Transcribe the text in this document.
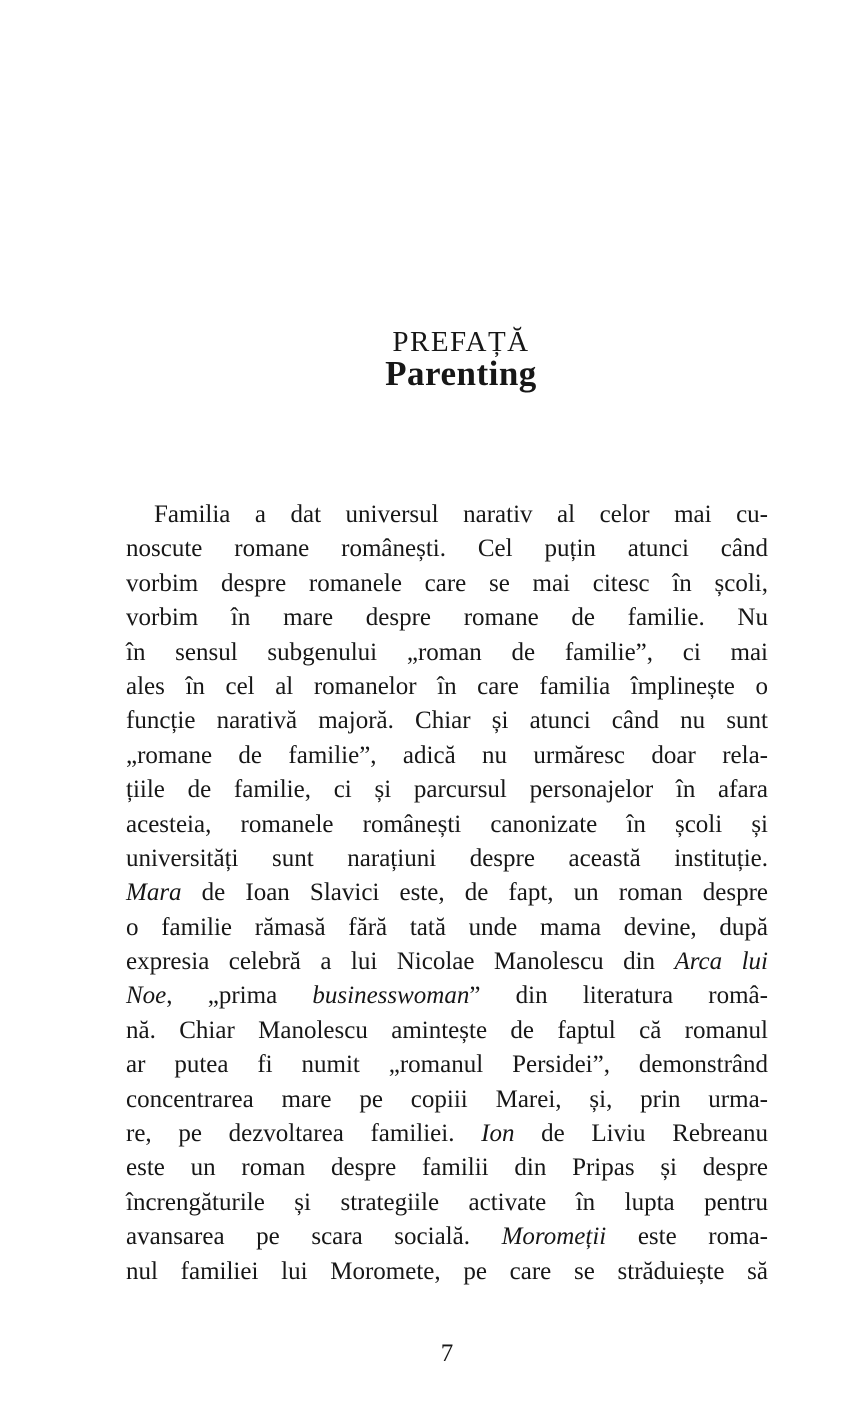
PREFAȚĂ
Parenting
Familia a dat universul narativ al celor mai cu-
noscute romane românești. Cel puțin atunci când
vorbim despre romanele care se mai citesc în școli,
vorbim în mare despre romane de familie. Nu
în sensul subgenului „roman de familie”, ci mai
ales în cel al romanelor în care familia împlinește o
funcție narativă majoră. Chiar și atunci când nu sunt
„romane de familie”, adică nu urmăresc doar rela-
țiile de familie, ci și parcursul personajelor în afara
acesteia, romanele românești canonizate în școli și
universități sunt narațiuni despre această instituție.
Mara de Ioan Slavici este, de fapt, un roman despre
o familie rămasă fără tată unde mama devine, după
expresia celebră a lui Nicolae Manolescu din Arca lui
Noe, „prima businesswoman” din literatura româ-
nă. Chiar Manolescu amintește de faptul că romanul
ar putea fi numit „romanul Persidei”, demonstrând
concentrarea mare pe copiii Marei, și, prin urma-
re, pe dezvoltarea familiei. Ion de Liviu Rebreanu
este un roman despre familii din Pripas și despre
încrengăturile și strategiile activate în lupta pentru
avansarea pe scara socială. Moromeții este roma-
nul familiei lui Moromete, pe care se străduiește să
7
